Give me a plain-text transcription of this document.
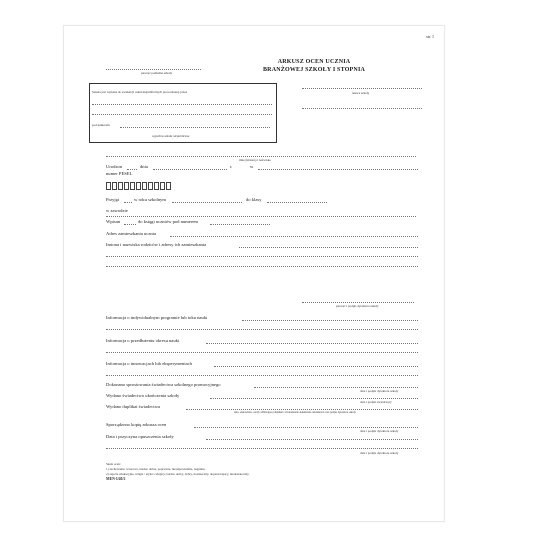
str. 1
pieczęć podłużna szkoły
ARKUSZ OCEN UCZNIA
BRANŻOWEJ SZKOŁY I STOPNIA
nazwa szkoły
Szkoła jest wpisana do ewidencji szkół niepublicznych prowadzonej przez
pod numerem
wypełnia szkoła niepubliczna
imię (imiona) i nazwisko
Urodzon	dnia	r.	w
numer PESEL
Przyjęt	w roku szkolnym	do klasy
w zawodzie
Wpisan	do księgi uczniów pod numerem
Adres zamieszkania ucznia
Imiona i nazwiska rodziców i adresy ich zamieszkania
pieczęć i podpis dyrektora szkoły
Informacja o indywidualnym programie lub toku nauki
Informacja o przedłużeniu okresu nauki
Informacja o innowacjach lub eksperymentach
Dokonano sprostowania świadectwa szkolnego promocyjnego
data i podpis dyrektora szkoły
Wydano świadectwo ukończenia szkoły
data i podpis świadczący
Wydano duplikat świadectwa
data, stanowisko, osoby odbierającej duplikat i stwierdzenie dokumentu tożsamości oraz podpis dyrektora szkoły
Sporządzono kopię arkusza ocen
data i podpis dyrektora szkoły
Data i przyczyna opuszczenia szkoły
data i podpis dyrektora szkoły
Skala ocen:
1) zachowanie: wzorowe, bardzo dobre, poprawne, nieodpowiednie, naganne;
2) zajęcia edukacyjne, religia / etyka: celujący, bardzo dobry, dobry, dostateczny, dopuszczający, niedostateczny.
MEN-I/40/2
